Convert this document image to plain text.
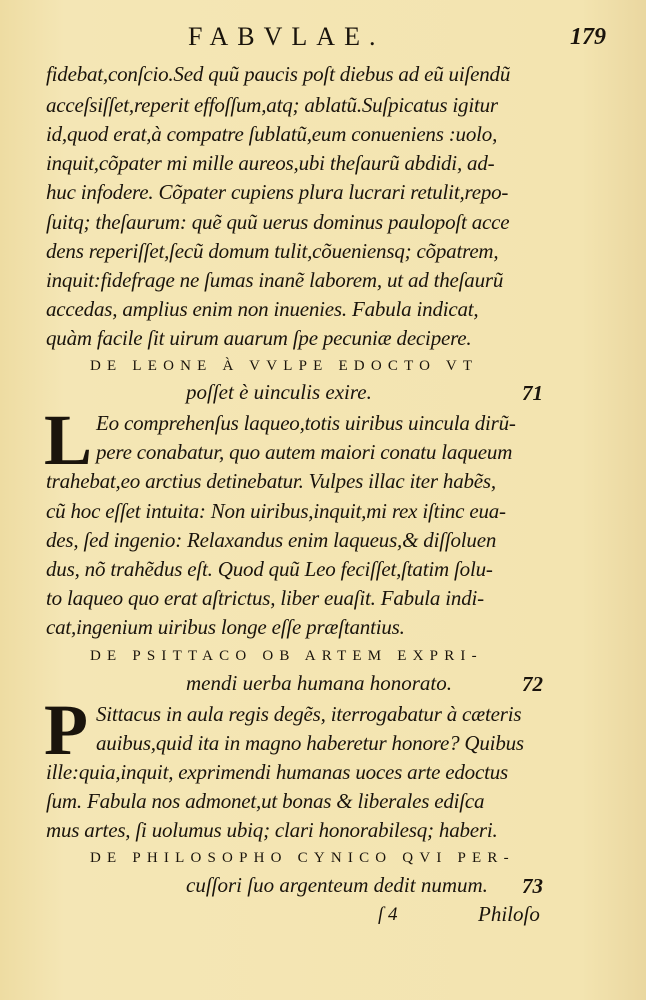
FABVLAE.	179
fidebat,conſcio.Sed quũ paucis poſt diebus ad eũ uiſendũ
acceſsiſſet,reperit effoſſum,atq; ablatũ.Suſpicatus igitur
id,quod erat,à compatre ſublatũ,eum conueniens :uolo,
inquit,cõpater mi mille aureos,ubi theſaurũ abdidi, ad-
huc infodere. Cõpater cupiens plura lucrari retulit,repo-
ſuitq; theſaurum: quẽ quũ uerus dominus paulopoſt acce
dens reperiſſet,ſecũ domum tulit,cõueniensq; cõpatrem,
inquit:fidefrage ne ſumas inanẽ laborem, ut ad theſaurũ
accedas, amplius enim non inuenies. Fabula indicat,
quàm facile ſit uirum auarum ſpe pecuniæ decipere.
DE LEONE À VVLPE EDOCTO VT
poſſet è uinculis exire.	71
L Eo comprehenſus laqueo,totis uiribus uincula dirũ-
pere conabatur, quo autem maiori conatu laqueum
trahebat,eo arctius detinebatur. Vulpes illac iter habẽs,
cũ hoc eſſet intuita: Non uiribus,inquit,mi rex iſtinc eua-
des, ſed ingenio: Relaxandus enim laqueus,& diſſoluen
dus, nõ trahẽdus eſt. Quod quũ Leo feciſſet,ſtatim ſolu-
to laqueo quo erat aſtrictus, liber euaſit. Fabula indi-
cat,ingenium uiribus longe eſſe præſtantius.
DE PSITTACO OB ARTEM EXPRI-
mendi uerba humana honorato.	72
P Sittacus in aula regis degẽs, iterrogabatur à cæteris
auibus,quid ita in magno haberetur honore? Quibus
ille:quia,inquit, exprimendi humanas uoces arte edoctus
ſum. Fabula nos admonet,ut bonas & liberales ediſca
mus artes, ſi uolumus ubiq; clari honorabilesq; haberi.
DE PHILOSOPHO CYNICO QVI PER-
cuſſori ſuo argenteum dedit numum. 73
ſ 4	Philoſo
